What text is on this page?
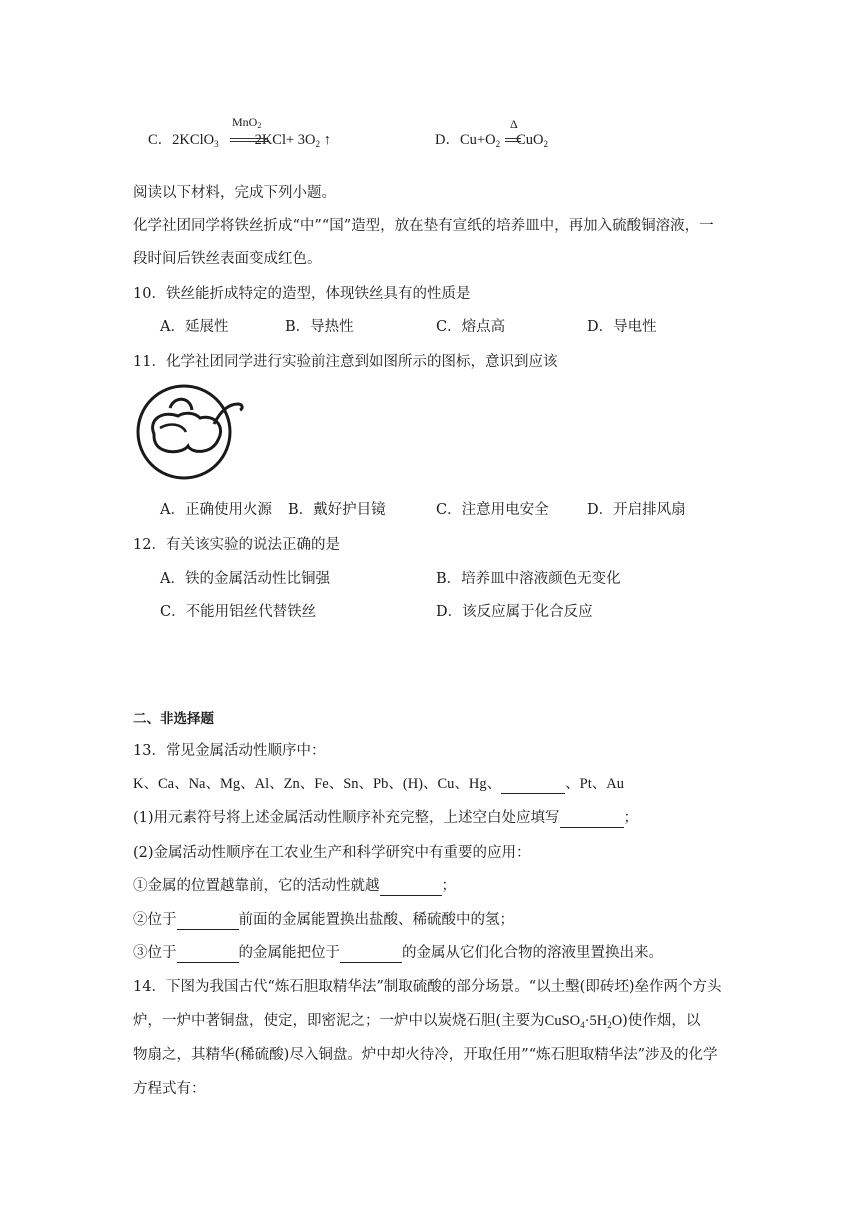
C．2KClO$_3$ $2KCl+ 3O_2$ ↑
MnO2
D．$Cu+O_2$ CuO$_2$
Δ
阅读以下材料，完成下列小题。
化学社团同学将铁丝折成“中”“国”造型，放在垫有宣纸的培养皿中，再加入硫酸铜溶液，一
段时间后铁丝表面变成红色。
10．铁丝能折成特定的造型，体现铁丝具有的性质是
A．延展性	B．导热性	C．熔点高	D．导电性
11．化学社团同学进行实验前注意到如图所示的图标，意识到应该
A．正确使用火源 B．戴好护目镜	C．注意用电安全	D．开启排风扇
12．有关该实验的说法正确的是
A．铁的金属活动性比铜强	B．培养皿中溶液颜色无变化
C．不能用铝丝代替铁丝	D．该反应属于化合反应
二、非选择题
13．常见金属活动性顺序中：
K、Ca、Na、Mg、Al、Zn、Fe、Sn、Pb、(H)、Cu、Hg、	、Pt、Au
(1)用元素符号将上述金属活动性顺序补充完整，上述空白处应填写	；
(2)金属活动性顺序在工农业生产和科学研究中有重要的应用：
①金属的位置越靠前，它的活动性就越	；
②位于	前面的金属能置换出盐酸、稀硫酸中的氢；
③位于	的金属能把位于	的金属从它们化合物的溶液里置换出来。
14．下图为我国古代“炼石胆取精华法”制取硫酸的部分场景。“以土墼(即砖坯)垒作两个方头
炉，一炉中著铜盘，使定，即密泥之；一炉中以炭烧石胆(主要为$CuSO_4\cdot 5H_2O$)使作烟，以
物扇之，其精华(稀硫酸)尽入铜盘。炉中却火待冷，开取任用”“炼石胆取精华法”涉及的化学
方程式有：
